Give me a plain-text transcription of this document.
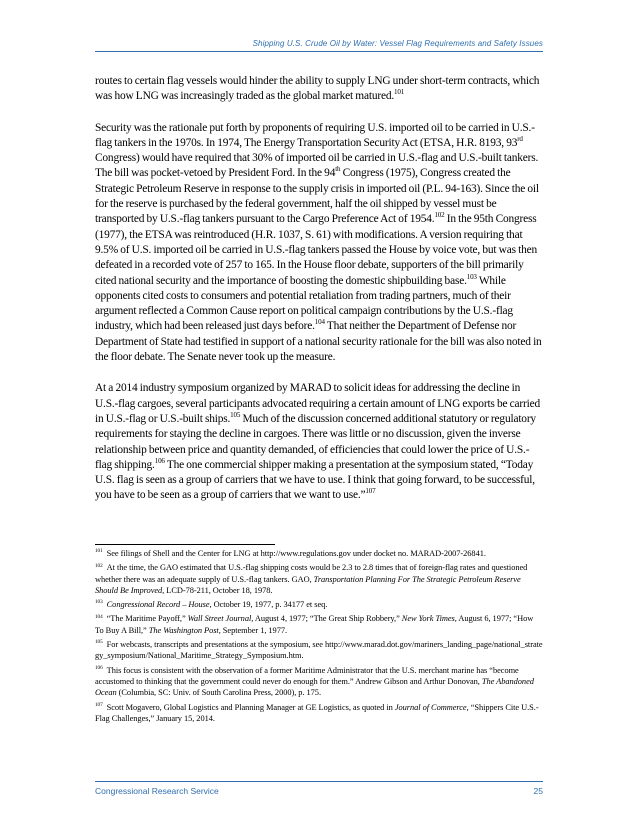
Shipping U.S. Crude Oil by Water: Vessel Flag Requirements and Safety Issues

routes to certain flag vessels would hinder the ability to supply LNG under short-term contracts, which was how LNG was increasingly traded as the global market matured.$^{101}$

Security was the rationale put forth by proponents of requiring U.S. imported oil to be carried in U.S.-flag tankers in the 1970s. In 1974, The Energy Transportation Security Act (ETSA, H.R. 8193, 93rd Congress) would have required that 30% of imported oil be carried in U.S.-flag and U.S.-built tankers. The bill was pocket-vetoed by President Ford. In the 94th Congress (1975), Congress created the Strategic Petroleum Reserve in response to the supply crisis in imported oil (P.L. 94-163). Since the oil for the reserve is purchased by the federal government, half the oil shipped by vessel must be transported by U.S.-flag tankers pursuant to the Cargo Preference Act of 1954.$^{102}$ In the 95th Congress (1977), the ETSA was reintroduced (H.R. 1037, S. 61) with modifications. A version requiring that 9.5% of U.S. imported oil be carried in U.S.-flag tankers passed the House by voice vote, but was then defeated in a recorded vote of 257 to 165. In the House floor debate, supporters of the bill primarily cited national security and the importance of boosting the domestic shipbuilding base.$^{103}$ While opponents cited costs to consumers and potential retaliation from trading partners, much of their argument reflected a Common Cause report on political campaign contributions by the U.S.-flag industry, which had been released just days before.$^{104}$ That neither the Department of Defense nor Department of State had testified in support of a national security rationale for the bill was also noted in the floor debate. The Senate never took up the measure.

At a 2014 industry symposium organized by MARAD to solicit ideas for addressing the decline in U.S.-flag cargoes, several participants advocated requiring a certain amount of LNG exports be carried in U.S.-flag or U.S.-built ships.$^{105}$ Much of the discussion concerned additional statutory or regulatory requirements for staying the decline in cargoes. There was little or no discussion, given the inverse relationship between price and quantity demanded, of efficiencies that could lower the price of U.S.-flag shipping.$^{106}$ The one commercial shipper making a presentation at the symposium stated, “Today U.S. flag is seen as a group of carriers that we have to use. I think that going forward, to be successful, you have to be seen as a group of carriers that we want to use.”$^{107}$

$^{101}$ See filings of Shell and the Center for LNG at http://www.regulations.gov under docket no. MARAD-2007-26841.
$^{102}$ At the time, the GAO estimated that U.S.-flag shipping costs would be 2.3 to 2.8 times that of foreign-flag rates and questioned whether there was an adequate supply of U.S.-flag tankers. GAO, Transportation Planning For The Strategic Petroleum Reserve Should Be Improved, LCD-78-211, October 18, 1978.
$^{103}$ Congressional Record – House, October 19, 1977, p. 34177 et seq.
$^{104}$ “The Maritime Payoff,” Wall Street Journal, August 4, 1977; “The Great Ship Robbery,” New York Times, August 6, 1977; “How To Buy A Bill,” The Washington Post, September 1, 1977.
$^{105}$ For webcasts, transcripts and presentations at the symposium, see http://www.marad.dot.gov/mariners_landing_page/national_strategy_symposium/National_Maritime_Strategy_Symposium.htm.
$^{106}$ This focus is consistent with the observation of a former Maritime Administrator that the U.S. merchant marine has “become accustomed to thinking that the government could never do enough for them.” Andrew Gibson and Arthur Donovan, The Abandoned Ocean (Columbia, SC: Univ. of South Carolina Press, 2000), p. 175.
$^{107}$ Scott Mogavero, Global Logistics and Planning Manager at GE Logistics, as quoted in Journal of Commerce, “Shippers Cite U.S.-Flag Challenges,” January 15, 2014.
Congressional Research Service	25
